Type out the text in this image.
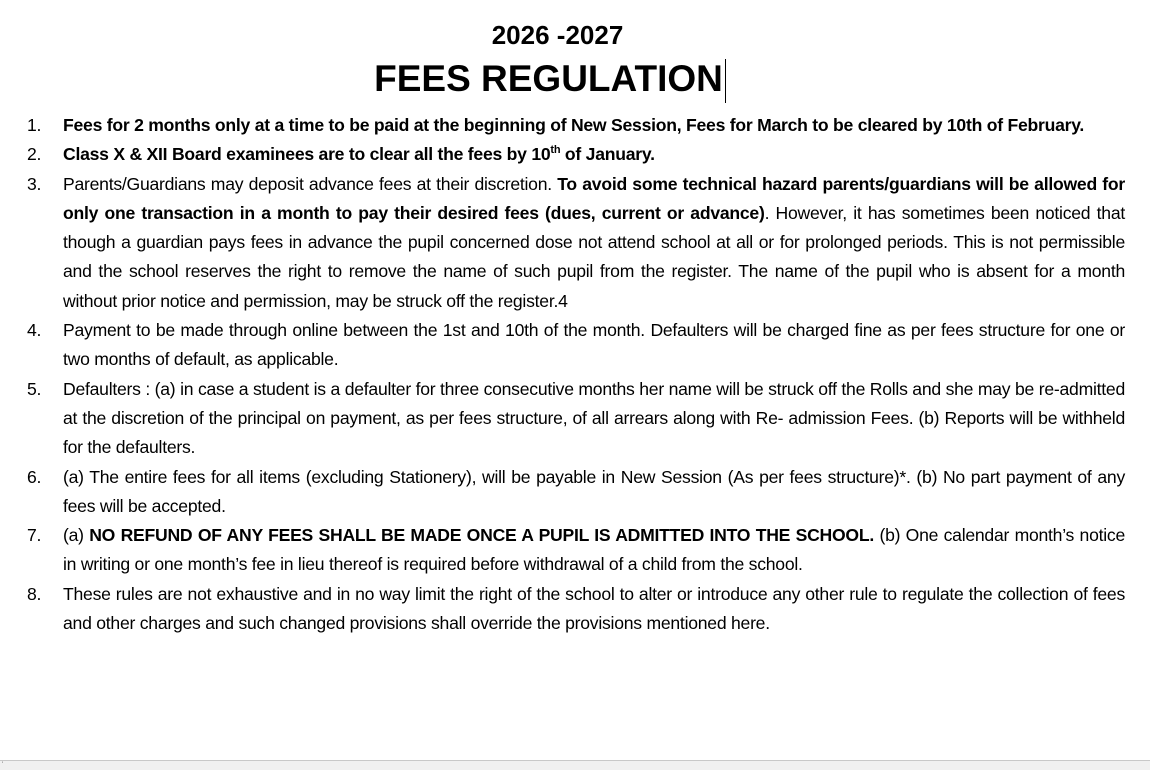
2026 -2027
FEES REGULATION
1. Fees for 2 months only at a time to be paid at the beginning of New Session, Fees for March to be cleared by 10th of February.
2. Class X & XII Board examinees are to clear all the fees by 10th of January.
3. Parents/Guardians may deposit advance fees at their discretion. To avoid some technical hazard parents/guardians will be allowed for only one transaction in a month to pay their desired fees (dues, current or advance). However, it has sometimes been noticed that though a guardian pays fees in advance the pupil concerned dose not attend school at all or for prolonged periods. This is not permissible and the school reserves the right to remove the name of such pupil from the register. The name of the pupil who is absent for a month without prior notice and permission, may be struck off the register.4
4. Payment to be made through online between the 1st and 10th of the month. Defaulters will be charged fine as per fees structure for one or two months of default, as applicable.
5. Defaulters : (a) in case a student is a defaulter for three consecutive months her name will be struck off the Rolls and she may be re-admitted at the discretion of the principal on payment, as per fees structure, of all arrears along with Re- admission Fees. (b) Reports will be withheld for the defaulters.
6. (a) The entire fees for all items (excluding Stationery), will be payable in New Session (As per fees structure)*. (b) No part payment of any fees will be accepted.
7. (a) NO REFUND OF ANY FEES SHALL BE MADE ONCE A PUPIL IS ADMITTED INTO THE SCHOOL. (b) One calendar month’s notice in writing or one month’s fee in lieu thereof is required before withdrawal of a child from the school.
8. These rules are not exhaustive and in no way limit the right of the school to alter or introduce any other rule to regulate the collection of fees and other charges and such changed provisions shall override the provisions mentioned here.
'
